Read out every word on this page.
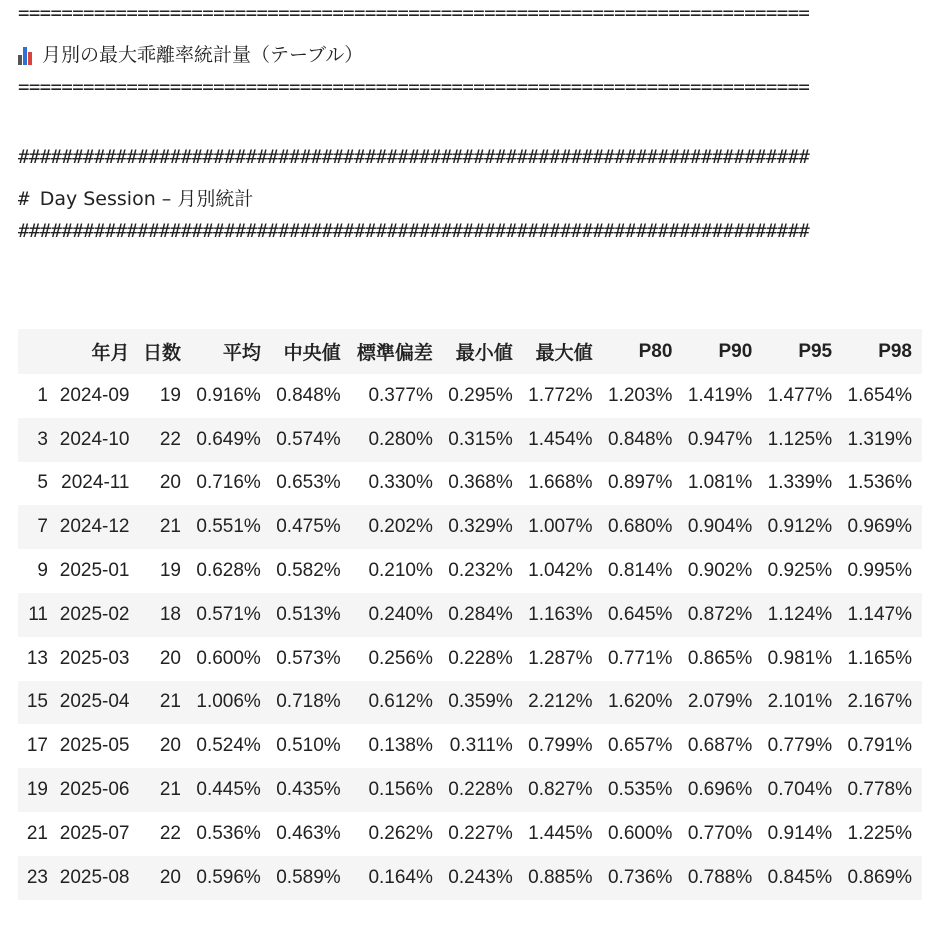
=========================================================================

月別の最大乖離率統計量（テーブル）
=========================================================================
#########################################################################
# Day Session – 月別統計
#########################################################################
	年月	日数	平均	中央値	標準偏差	最小値	最大値	P80	P90	P95	P98
1	2024-09	19	0.916%	0.848%	0.377%	0.295%	1.772%	1.203%	1.419%	1.477%	1.654%
3	2024-10	22	0.649%	0.574%	0.280%	0.315%	1.454%	0.848%	0.947%	1.125%	1.319%
5	2024-11	20	0.716%	0.653%	0.330%	0.368%	1.668%	0.897%	1.081%	1.339%	1.536%
7	2024-12	21	0.551%	0.475%	0.202%	0.329%	1.007%	0.680%	0.904%	0.912%	0.969%
9	2025-01	19	0.628%	0.582%	0.210%	0.232%	1.042%	0.814%	0.902%	0.925%	0.995%
11	2025-02	18	0.571%	0.513%	0.240%	0.284%	1.163%	0.645%	0.872%	1.124%	1.147%
13	2025-03	20	0.600%	0.573%	0.256%	0.228%	1.287%	0.771%	0.865%	0.981%	1.165%
15	2025-04	21	1.006%	0.718%	0.612%	0.359%	2.212%	1.620%	2.079%	2.101%	2.167%
17	2025-05	20	0.524%	0.510%	0.138%	0.311%	0.799%	0.657%	0.687%	0.779%	0.791%
19	2025-06	21	0.445%	0.435%	0.156%	0.228%	0.827%	0.535%	0.696%	0.704%	0.778%
21	2025-07	22	0.536%	0.463%	0.262%	0.227%	1.445%	0.600%	0.770%	0.914%	1.225%
23	2025-08	20	0.596%	0.589%	0.164%	0.243%	0.885%	0.736%	0.788%	0.845%	0.869%
